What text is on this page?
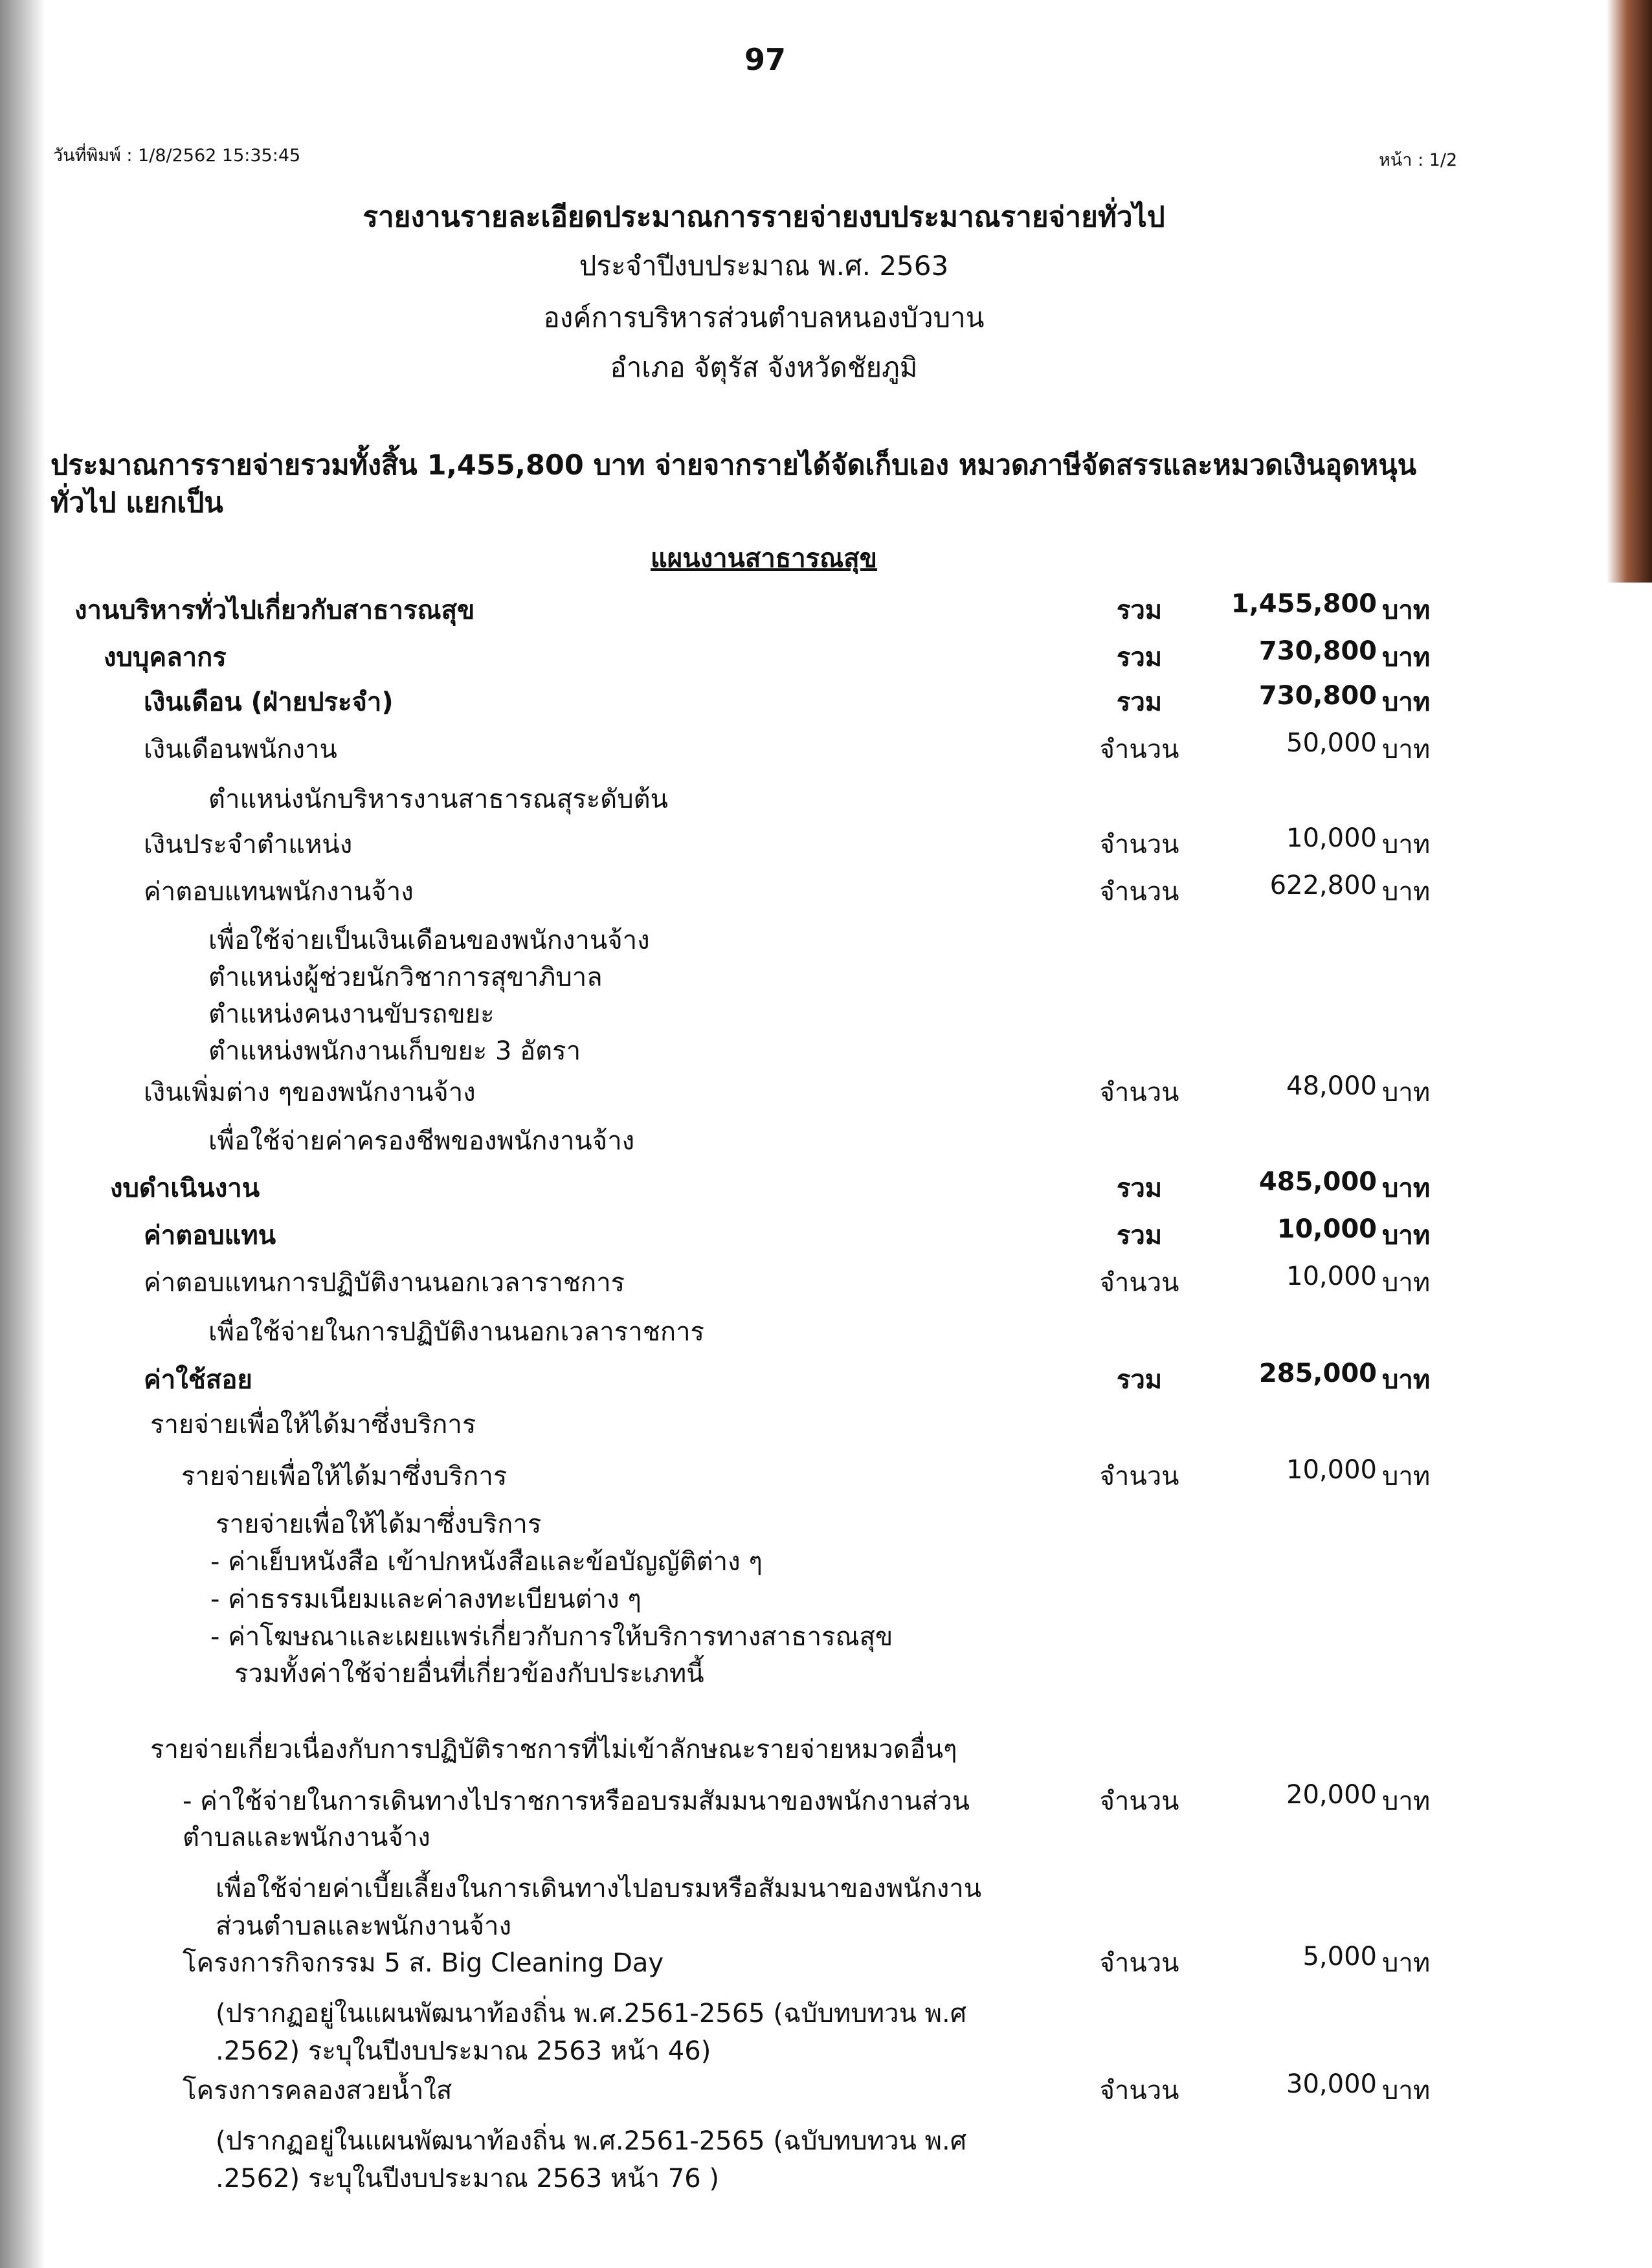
97
วันที่พิมพ์ : 1/8/2562 15:35:45	หน้า : 1/2
รายงานรายละเอียดประมาณการรายจ่ายงบประมาณรายจ่ายทั่วไป
ประจำปีงบประมาณ พ.ศ. 2563
องค์การบริหารส่วนตำบลหนองบัวบาน
อำเภอ จัตุรัส จังหวัดชัยภูมิ
ประมาณการรายจ่ายรวมทั้งสิ้น 1,455,800 บาท จ่ายจากรายได้จัดเก็บเอง หมวดภาษีจัดสรรและหมวดเงินอุดหนุน
ทั่วไป แยกเป็น
แผนงานสาธารณสุข
งานบริหารทั่วไปเกี่ยวกับสาธารณสุข	รวม	1,455,800 บาท
งบบุคลากร	รวม	730,800 บาท
เงินเดือน (ฝ่ายประจำ)	รวม	730,800 บาท
เงินเดือนพนักงาน	จำนวน	50,000 บาท
ตำแหน่งนักบริหารงานสาธารณสุระดับต้น
เงินประจำตำแหน่ง	จำนวน	10,000 บาท
ค่าตอบแทนพนักงานจ้าง	จำนวน	622,800 บาท
เพื่อใช้จ่ายเป็นเงินเดือนของพนักงานจ้าง
ตำแหน่งผู้ช่วยนักวิชาการสุขาภิบาล
ตำแหน่งคนงานขับรถขยะ
ตำแหน่งพนักงานเก็บขยะ 3 อัตรา
เงินเพิ่มต่าง ๆของพนักงานจ้าง	จำนวน	48,000 บาท
เพื่อใช้จ่ายค่าครองชีพของพนักงานจ้าง
งบดำเนินงาน	รวม	485,000 บาท
ค่าตอบแทน	รวม	10,000 บาท
ค่าตอบแทนการปฏิบัติงานนอกเวลาราชการ	จำนวน	10,000 บาท
เพื่อใช้จ่ายในการปฏิบัติงานนอกเวลาราชการ
ค่าใช้สอย	รวม	285,000 บาท
รายจ่ายเพื่อให้ได้มาซึ่งบริการ
รายจ่ายเพื่อให้ได้มาซึ่งบริการ	จำนวน	10,000 บาท
รายจ่ายเพื่อให้ได้มาซึ่งบริการ
- ค่าเย็บหนังสือ เข้าปกหนังสือและข้อบัญญัติต่าง ๆ
- ค่าธรรมเนียมและค่าลงทะเบียนต่าง ๆ
- ค่าโฆษณาและเผยแพร่เกี่ยวกับการให้บริการทางสาธารณสุข
รวมทั้งค่าใช้จ่ายอื่นที่เกี่ยวข้องกับประเภทนี้
รายจ่ายเกี่ยวเนื่องกับการปฏิบัติราชการที่ไม่เข้าลักษณะรายจ่ายหมวดอื่นๆ
- ค่าใช้จ่ายในการเดินทางไปราชการหรืออบรมสัมมนาของพนักงานส่วน	จำนวน	20,000 บาท
ตำบลและพนักงานจ้าง
เพื่อใช้จ่ายค่าเบี้ยเลี้ยงในการเดินทางไปอบรมหรือสัมมนาของพนักงาน
ส่วนตำบลและพนักงานจ้าง
โครงการกิจกรรม 5 ส. Big Cleaning Day	จำนวน	5,000 บาท
(ปรากฏอยู่ในแผนพัฒนาท้องถิ่น พ.ศ.2561-2565 (ฉบับทบทวน พ.ศ
.2562) ระบุในปีงบประมาณ 2563 หน้า 46)
โครงการคลองสวยน้ำใส	จำนวน	30,000 บาท
(ปรากฏอยู่ในแผนพัฒนาท้องถิ่น พ.ศ.2561-2565 (ฉบับทบทวน พ.ศ
.2562) ระบุในปีงบประมาณ 2563 หน้า 76 )
